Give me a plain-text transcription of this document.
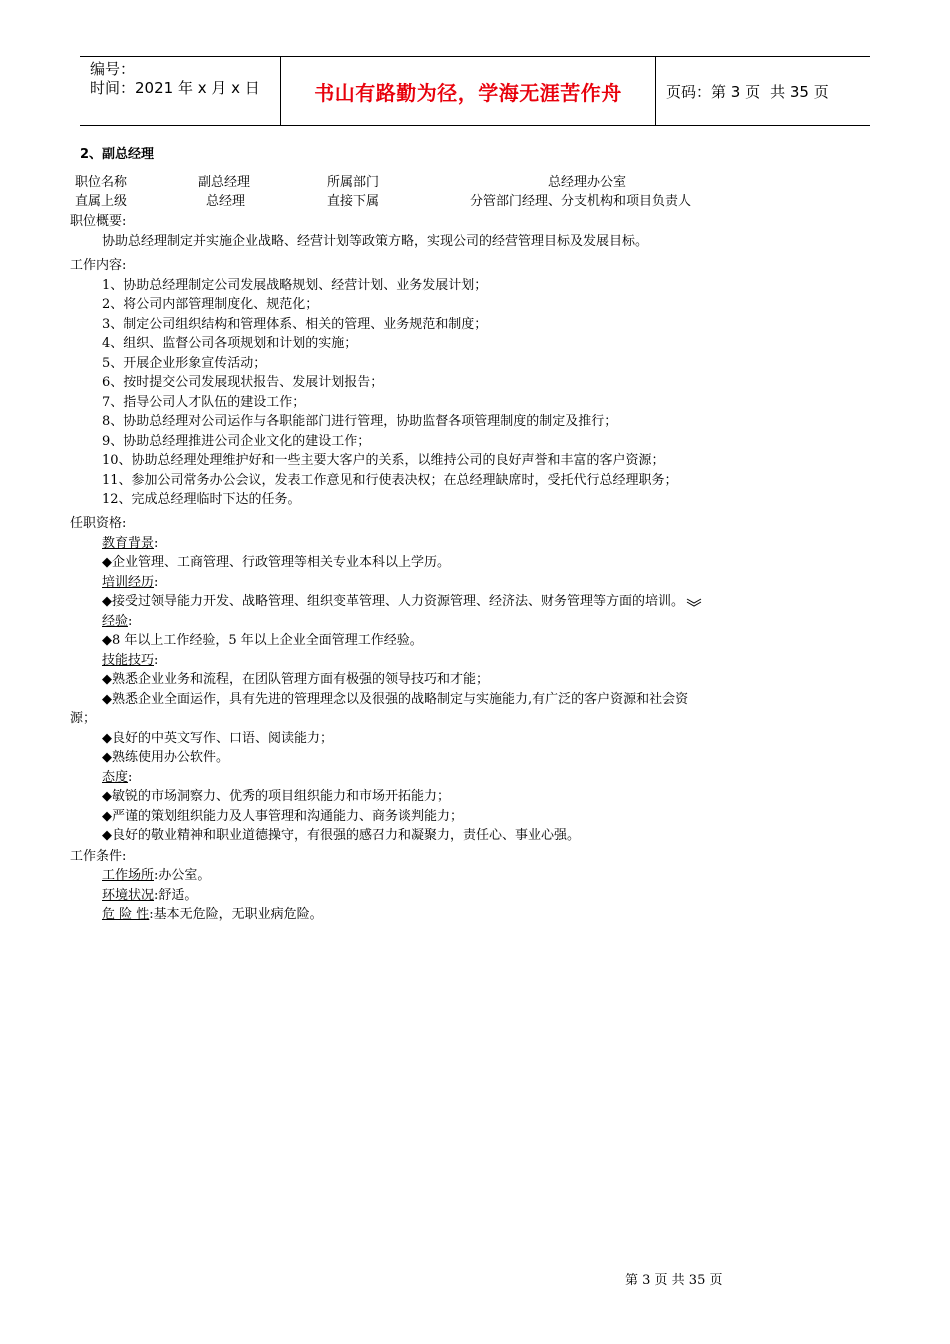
编号：
时间：2021 年 x 月 x 日	书山有路勤为径，学海无涯苦作舟	页码：第 3 页 共 35 页
2、副总经理
职位名称	副总经理	所属部门	总经理办公室
直属上级	总经理	直接下属	分管部门经理、分支机构和项目负责人
职位概要:
协助总经理制定并实施企业战略、经营计划等政策方略，实现公司的经营管理目标及发展目标。
工作内容:
1、协助总经理制定公司发展战略规划、经营计划、业务发展计划；
2、将公司内部管理制度化、规范化；
3、制定公司组织结构和管理体系、相关的管理、业务规范和制度；
4、组织、监督公司各项规划和计划的实施；
5、开展企业形象宣传活动；
6、按时提交公司发展现状报告、发展计划报告；
7、指导公司人才队伍的建设工作；
8、协助总经理对公司运作与各职能部门进行管理，协助监督各项管理制度的制定及推行；
9、协助总经理推进公司企业文化的建设工作；
10、协助总经理处理维护好和一些主要大客户的关系，以维持公司的良好声誉和丰富的客户资源；
11、参加公司常务办公会议，发表工作意见和行使表决权；在总经理缺席时，受托代行总经理职务；
12、完成总经理临时下达的任务。
任职资格:
教育背景:
◆企业管理、工商管理、行政管理等相关专业本科以上学历。
培训经历:
◆接受过领导能力开发、战略管理、组织变革管理、人力资源管理、经济法、财务管理等方面的培训。
经验:
◆8 年以上工作经验，5 年以上企业全面管理工作经验。
技能技巧:
◆熟悉企业业务和流程，在团队管理方面有极强的领导技巧和才能；
◆熟悉企业全面运作，具有先进的管理理念以及很强的战略制定与实施能力,有广泛的客户资源和社会资
源；
◆良好的中英文写作、口语、阅读能力；
◆熟练使用办公软件。
态度:
◆敏锐的市场洞察力、优秀的项目组织能力和市场开拓能力；
◆严谨的策划组织能力及人事管理和沟通能力、商务谈判能力；
◆良好的敬业精神和职业道德操守，有很强的感召力和凝聚力，责任心、事业心强。
工作条件:
工作场所:办公室。
环境状况:舒适。
危 险 性:基本无危险，无职业病危险。
第 3 页 共 35 页
